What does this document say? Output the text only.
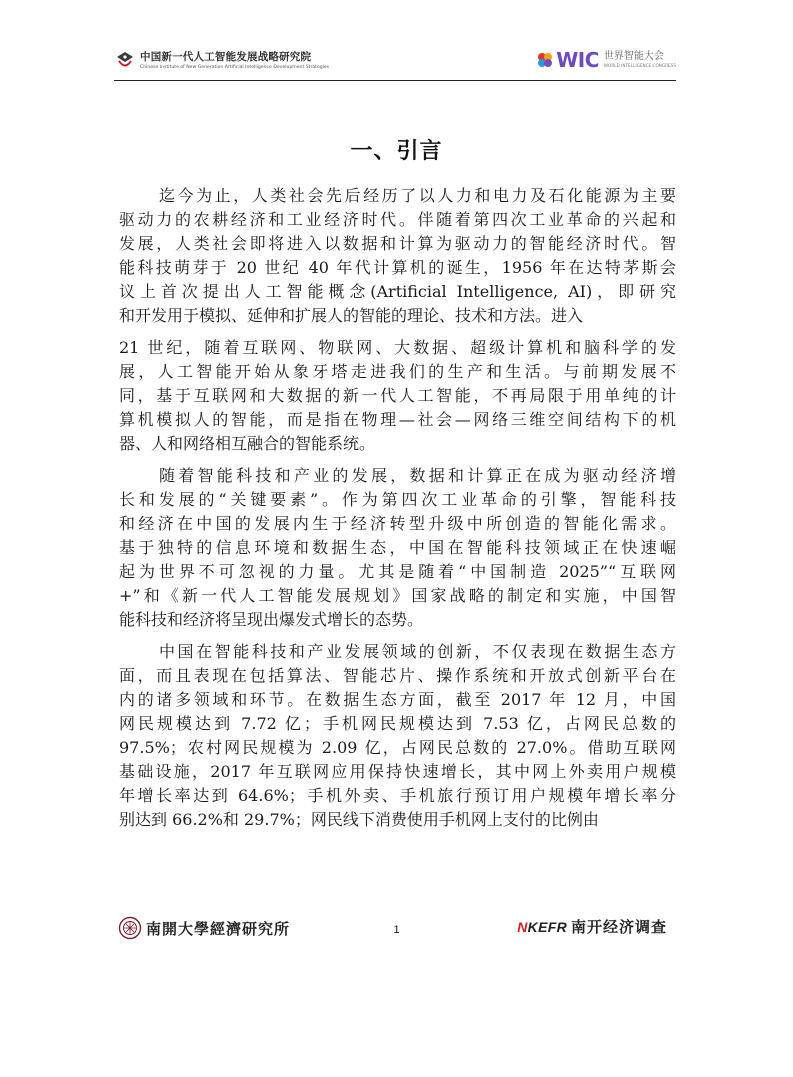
中国新一代人工智能发展战略研究院
Chinese Institute of New Generation Artificial Intelligence Development Strategies	WIC 世界智能大会
WORLD INTELLIGENCE CONGRESS
一、引言
迄今为止，人类社会先后经历了以人力和电力及石化能源为主要
驱动力的农耕经济和工业经济时代。伴随着第四次工业革命的兴起和
发展，人类社会即将进入以数据和计算为驱动力的智能经济时代。智
能科技萌芽于 20 世纪 40 年代计算机的诞生，1956 年在达特茅斯会
议上首次提出人工智能概念(Artificial Intelligence, AI)，即研究
和开发用于模拟、延伸和扩展人的智能的理论、技术和方法。进入
21 世纪，随着互联网、物联网、大数据、超级计算机和脑科学的发
展，人工智能开始从象牙塔走进我们的生产和生活。与前期发展不
同，基于互联网和大数据的新一代人工智能，不再局限于用单纯的计
算机模拟人的智能，而是指在物理—社会—网络三维空间结构下的机
器、人和网络相互融合的智能系统。
随着智能科技和产业的发展，数据和计算正在成为驱动经济增
长和发展的“关键要素”。作为第四次工业革命的引擎，智能科技
和经济在中国的发展内生于经济转型升级中所创造的智能化需求。
基于独特的信息环境和数据生态，中国在智能科技领域正在快速崛
起为世界不可忽视的力量。尤其是随着“中国制造 2025”“互联网
+”和《新一代人工智能发展规划》国家战略的制定和实施，中国智
能科技和经济将呈现出爆发式增长的态势。
中国在智能科技和产业发展领域的创新，不仅表现在数据生态方
面，而且表现在包括算法、智能芯片、操作系统和开放式创新平台在
内的诸多领域和环节。在数据生态方面，截至 2017 年 12 月，中国
网民规模达到 7.72 亿；手机网民规模达到 7.53 亿，占网民总数的
97.5%；农村网民规模为 2.09 亿，占网民总数的 27.0%。借助互联网
基础设施，2017 年互联网应用保持快速增长，其中网上外卖用户规模
年增长率达到 64.6%；手机外卖、手机旅行预订用户规模年增长率分
别达到 66.2%和 29.7%；网民线下消费使用手机网上支付的比例由
南開大學經濟研究所	1	NKEFR 南开经济调查
